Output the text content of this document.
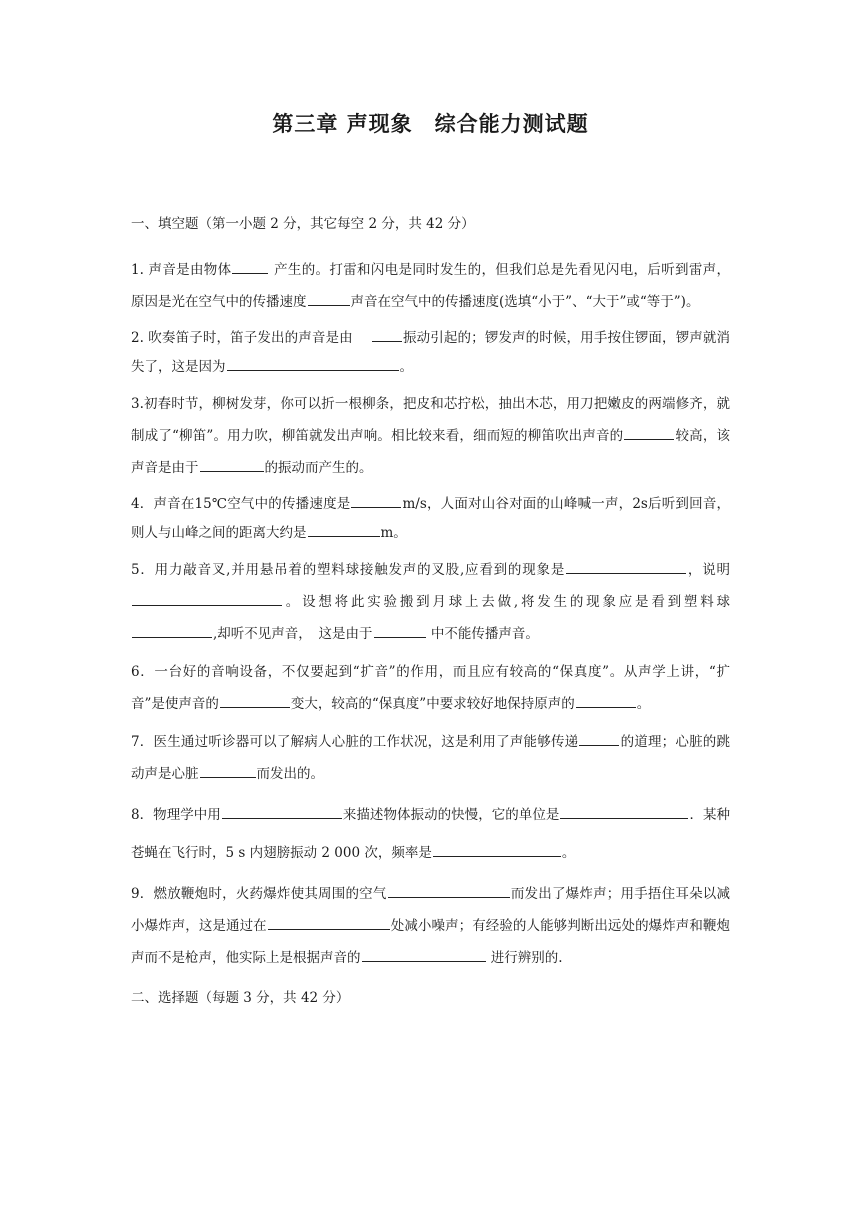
第三章 声现象　综合能力测试题

一、填空题（第一小题 2 分，其它每空 2 分，共 42 分）

1. 声音是由物体	产生的。打雷和闪电是同时发生的，但我们总是先看见闪电，后听到雷声，原因是光在空气中的传播速度	声音在空气中的传播速度(选填“小于”、“大于”或“等于”)。

2. 吹奏笛子时，笛子发出的声音是由　 振动引起的；锣发声的时候，用手按住锣面，锣声就消失了，这是因为	。

3.初春时节，柳树发芽，你可以折一根柳条，把皮和芯拧松，抽出木芯，用刀把嫩皮的两端修齐，就制成了“柳笛”。用力吹，柳笛就发出声响。相比较来看，细而短的柳笛吹出声音的	较高，该声音是由于	的振动而产生的。

4．声音在15℃空气中的传播速度是	m/s，人面对山谷对面的山峰喊一声，2s后听到回音，则人与山峰之间的距离大约是	m。

5．用力敲音叉,并用悬吊着的塑料球接触发声的叉股,应看到的现象是	，说明。设想将此实验搬到月球上去做,将发生的现象应是看到塑料球,却听不见声音，　这是由于	中不能传播声音。

6．一台好的音响设备，不仅要起到“扩音”的作用，而且应有较高的“保真度”。从声学上讲，“扩音”是使声音的	变大，较高的“保真度”中要求较好地保持原声的	。

7．医生通过听诊器可以了解病人心脏的工作状况，这是利用了声能够传递	的道理；心脏的跳动声是心脏	而发出的。

8．物理学中用	来描述物体振动的快慢，它的单位是	．某种苍蝇在飞行时，5 s 内翅膀振动 2 000 次，频率是	。

9．燃放鞭炮时，火药爆炸使其周围的空气	而发出了爆炸声；用手捂住耳朵以减小爆炸声，这是通过在	处减小噪声；有经验的人能够判断出远处的爆炸声和鞭炮声而不是枪声，他实际上是根据声音的	进行辨别的.

二、选择题（每题 3 分，共 42 分）
